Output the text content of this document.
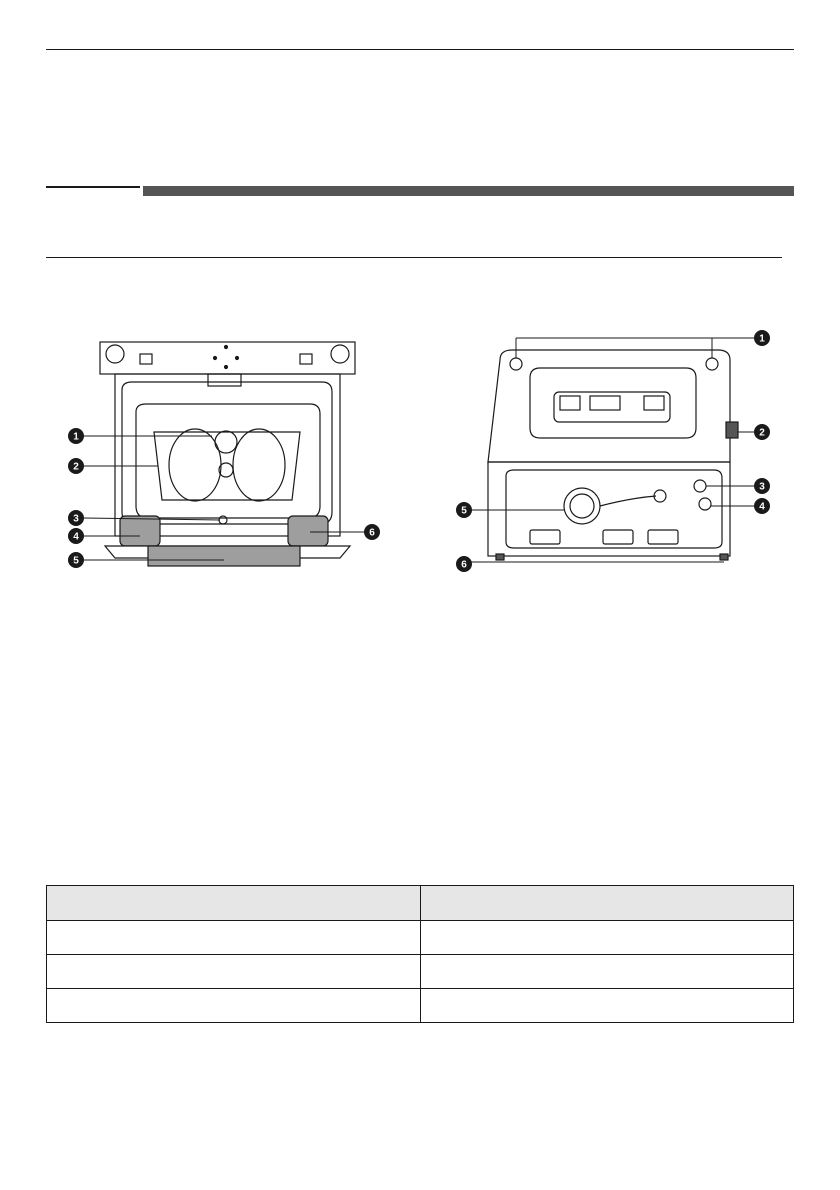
1
2
3
4
5
6
1
2
3
4
5
6
